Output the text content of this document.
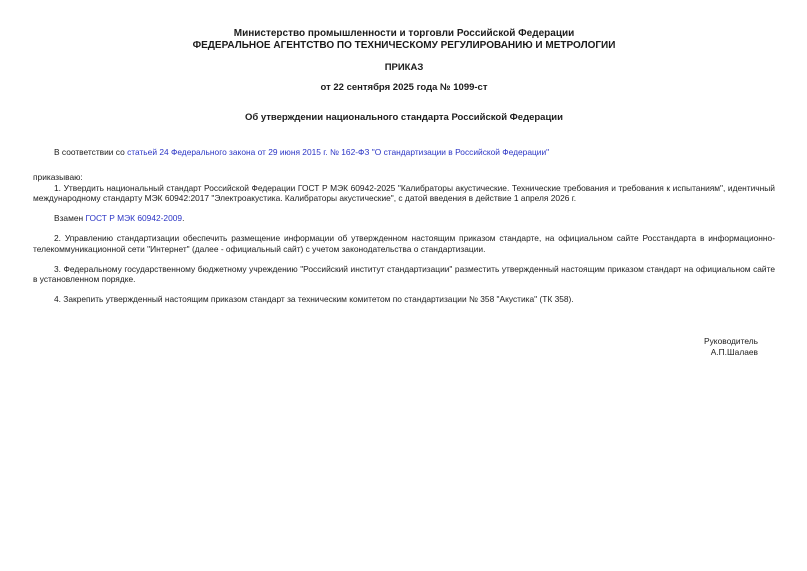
Министерство промышленности и торговли Российской Федерации
ФЕДЕРАЛЬНОЕ АГЕНТСТВО ПО ТЕХНИЧЕСКОМУ РЕГУЛИРОВАНИЮ И МЕТРОЛОГИИ
ПРИКАЗ
от 22 сентября 2025 года № 1099-ст
Об утверждении национального стандарта Российской Федерации

В соответствии со статьей 24 Федерального закона от 29 июня 2015 г. № 162-ФЗ "О стандартизации в Российской Федерации"

приказываю:

1. Утвердить национальный стандарт Российской Федерации ГОСТ Р МЭК 60942-2025 "Калибраторы акустические. Технические требования и требования к испытаниям", идентичный международному стандарту МЭК 60942:2017 "Электроакустика. Калибраторы акустические", с датой введения в действие 1 апреля 2026 г.

Взамен ГОСТ Р МЭК 60942-2009.

2. Управлению стандартизации обеспечить размещение информации об утвержденном настоящим приказом стандарте, на официальном сайте Росстандарта в информационно-телекоммуникационной сети "Интернет" (далее - официальный сайт) с учетом законодательства о стандартизации.

3. Федеральному государственному бюджетному учреждению "Российский институт стандартизации" разместить утвержденный настоящим приказом стандарт на официальном сайте в установленном порядке.

4. Закрепить утвержденный настоящим приказом стандарт за техническим комитетом по стандартизации № 358 "Акустика" (ТК 358).

Руководитель
А.П.Шалаев
